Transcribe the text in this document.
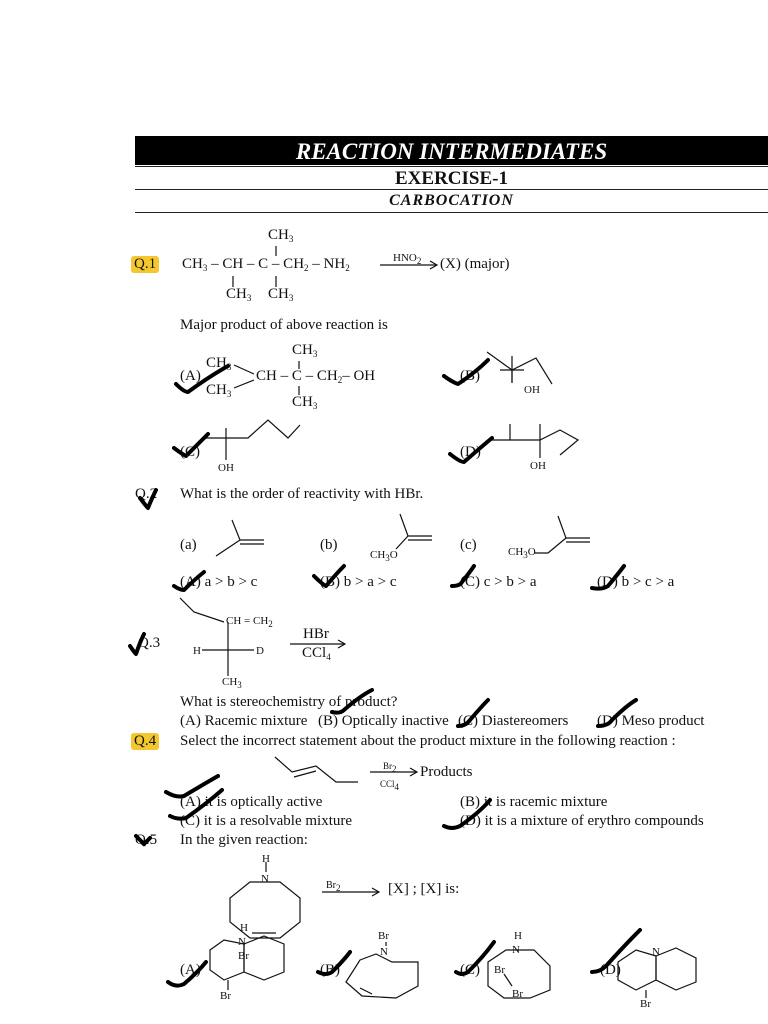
REACTION INTERMEDIATES
EXERCISE-1
CARBOCATION
Q.1 $CH_3$ – CH – C – $CH_2 - NH_2$
$CH_3$
$CH_3$ $CH_3$
$HNO_2$ (X) (major)
Major product of above reaction is
(A)
$CH_3$
$CH_3$
CH – C – $CH_2-$ OH
$CH_3$
$CH_3$
(B)
OH
(C)
OH
(D)
OH
Q.2 What is the order of reactivity with HBr.
(a)	(b)	(c)
$CH_3O$	$CH_3O$
(A) a > b > c	(B) b > a > c	(C) c > b > a	(D) b > c > a
Q.3
CH = $CH_2$
H	D
$CH_3$
HBr
CCl$_4$
What is stereochemistry of product?
(A) Racemic mixture (B) Optically inactive (C) Diastereomers (D) Meso product
Q.4 Select the incorrect statement about the product mixture in the following reaction :
Br2
CCl4
Products
(A) it is optically active	(B) it is racemic mixture
(C) it is a resolvable mixture	(D) it is a mixture of erythro compounds
Q.5 In the given reaction:
H
N
Br2	[X] ; [X] is:
(A)
H
N
Br
Br
(B)
Br
N
(C)
H
N
Br
Br
(D)
N
Br
